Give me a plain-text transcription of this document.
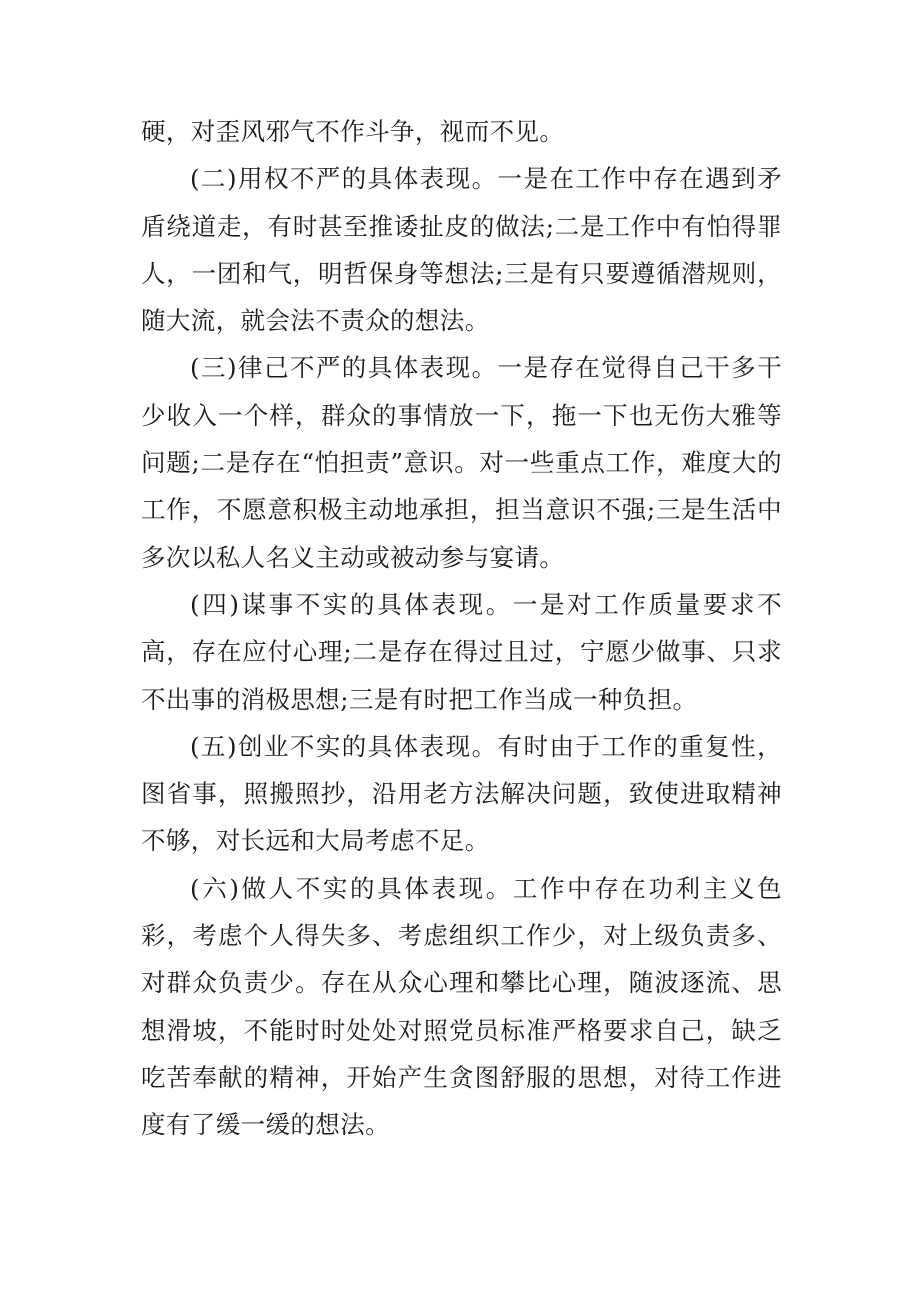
硬，对歪风邪气不作斗争，视而不见。

(二)用权不严的具体表现。一是在工作中存在遇到矛盾绕道走，有时甚至推诿扯皮的做法;二是工作中有怕得罪人，一团和气，明哲保身等想法;三是有只要遵循潜规则，随大流，就会法不责众的想法。

(三)律己不严的具体表现。一是存在觉得自己干多干少收入一个样，群众的事情放一下，拖一下也无伤大雅等问题;二是存在“怕担责”意识。对一些重点工作，难度大的工作，不愿意积极主动地承担，担当意识不强;三是生活中多次以私人名义主动或被动参与宴请。

(四)谋事不实的具体表现。一是对工作质量要求不高，存在应付心理;二是存在得过且过，宁愿少做事、只求不出事的消极思想;三是有时把工作当成一种负担。

(五)创业不实的具体表现。有时由于工作的重复性，图省事，照搬照抄，沿用老方法解决问题，致使进取精神不够，对长远和大局考虑不足。

(六)做人不实的具体表现。工作中存在功利主义色彩，考虑个人得失多、考虑组织工作少，对上级负责多、对群众负责少。存在从众心理和攀比心理，随波逐流、思想滑坡，不能时时处处对照党员标准严格要求自己，缺乏吃苦奉献的精神，开始产生贪图舒服的思想，对待工作进度有了缓一缓的想法。
